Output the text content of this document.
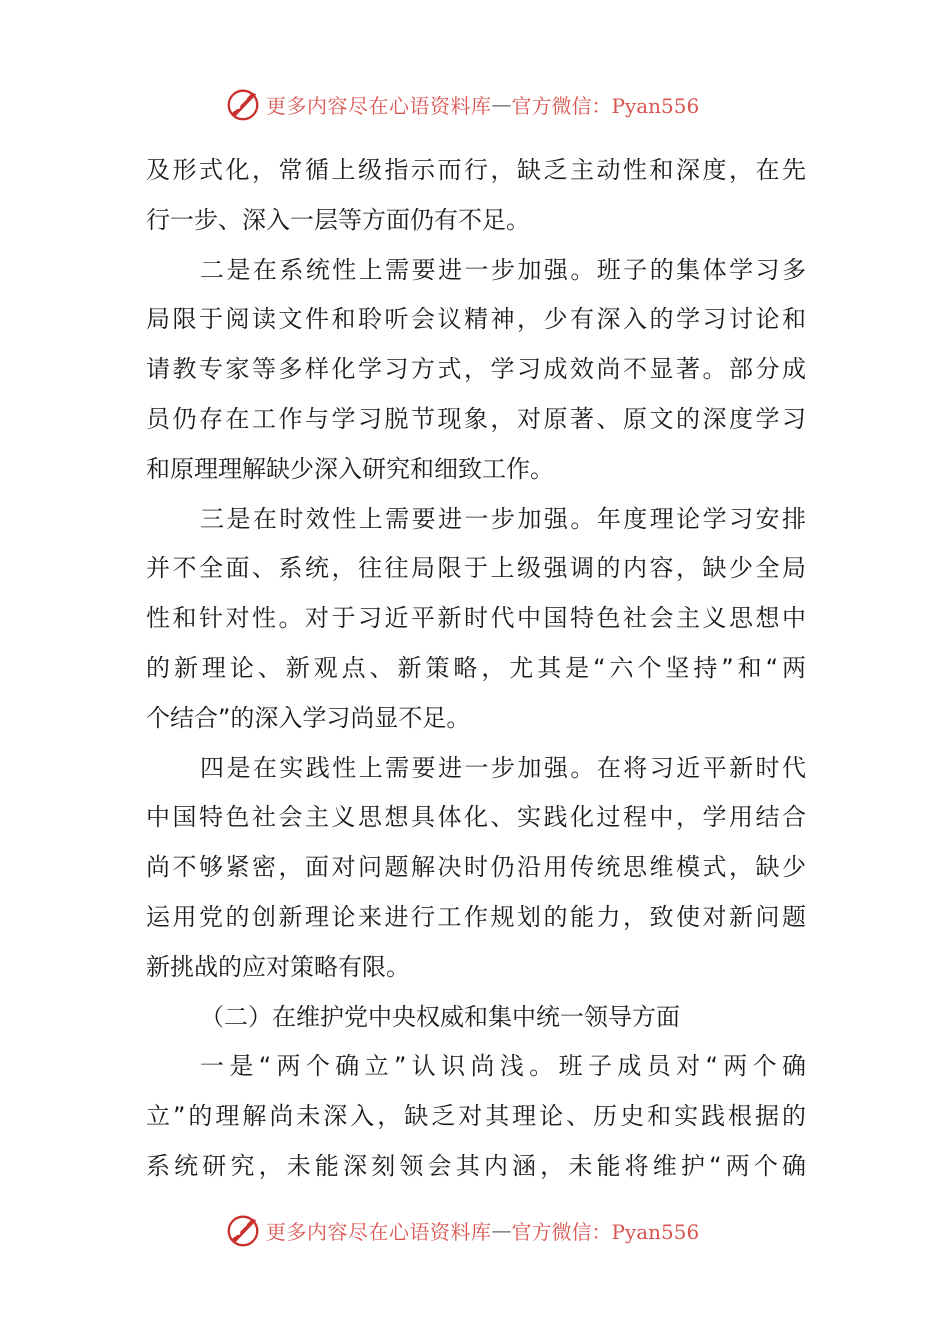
更多内容尽在心语资料库 — 官方微信：Pyan556
及形式化，常循上级指示而行，缺乏主动性和深度，在先
行一步、深入一层等方面仍有不足。
二是在系统性上需要进一步加强。班子的集体学习多
局限于阅读文件和聆听会议精神，少有深入的学习讨论和
请教专家等多样化学习方式，学习成效尚不显著。部分成
员仍存在工作与学习脱节现象，对原著、原文的深度学习
和原理理解缺少深入研究和细致工作。
三是在时效性上需要进一步加强。年度理论学习安排
并不全面、系统，往往局限于上级强调的内容，缺少全局
性和针对性。对于习近平新时代中国特色社会主义思想中
的新理论、新观点、新策略，尤其是“六个坚持”和“两
个结合”的深入学习尚显不足。
四是在实践性上需要进一步加强。在将习近平新时代
中国特色社会主义思想具体化、实践化过程中，学用结合
尚不够紧密，面对问题解决时仍沿用传统思维模式，缺少
运用党的创新理论来进行工作规划的能力，致使对新问题
新挑战的应对策略有限。
（二）在维护党中央权威和集中统一领导方面
一是“两个确立”认识尚浅。班子成员对“两个确
立”的理解尚未深入，缺乏对其理论、历史和实践根据的
系统研究，未能深刻领会其内涵，未能将维护“两个确
更多内容尽在心语资料库 — 官方微信：Pyan556
